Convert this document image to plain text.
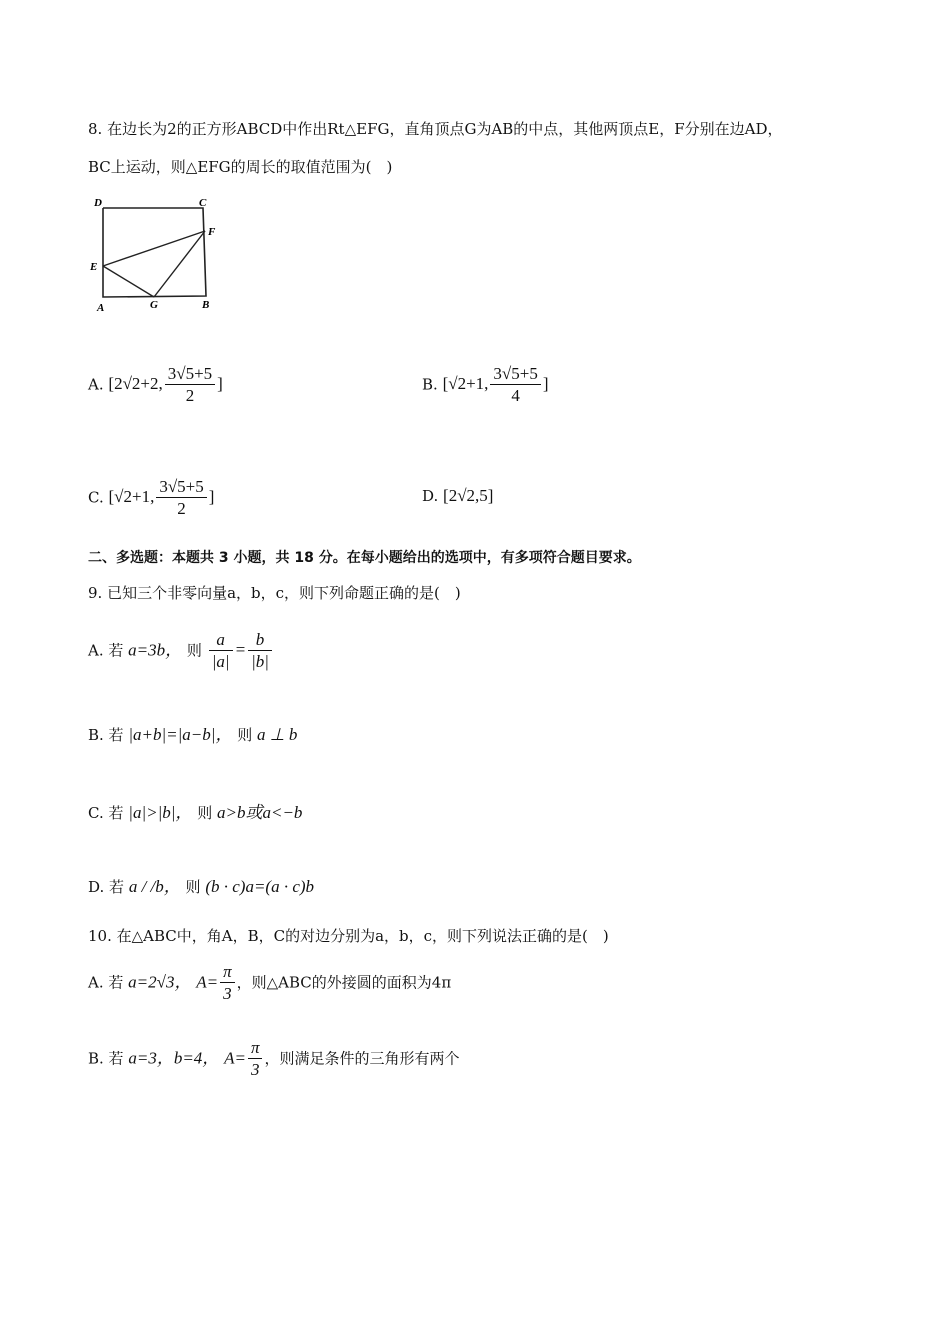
8. 在边长为2的正方形ABCD中作出Rt△EFG，直角顶点G为AB的中点，其他两顶点E，F分别在边AD，
BC上运动，则△EFG的周长的取值范围为(　)
D	C
F
E
A	G	B
A. [2√2+2, $\frac{3√5+5}{2}$ ]	B. [√2+1, $\frac{3√5+5}{4}$ ]
C. [√2+1, $\frac{3√5+5}{2}$ ]	D. [2√2,5]
二、多选题：本题共 3 小题，共 18 分。在每小题给出的选项中，有多项符合题目要求。
9. 已知三个非零向量a，b，c，则下列命题正确的是(　)
A. 若 a=3b， 则 $\frac{a}{|a|} = \frac{b}{|b|}$
B. 若 |a+b|=|a−b|， 则 a ⊥ b
C. 若 |a|>|b|， 则 a>b或a<−b
D. 若 a / /b， 则 (b · c)a=(a · c)b
10. 在△ABC中，角A，B，C的对边分别为a，b，c，则下列说法正确的是(　)
A. 若 a=2√3， $A= \frac{\pi}{3}$ ，则△ABC的外接圆的面积为4π
B. 若 a=3，b=4， $A= \frac{\pi}{3}$ ，则满足条件的三角形有两个
